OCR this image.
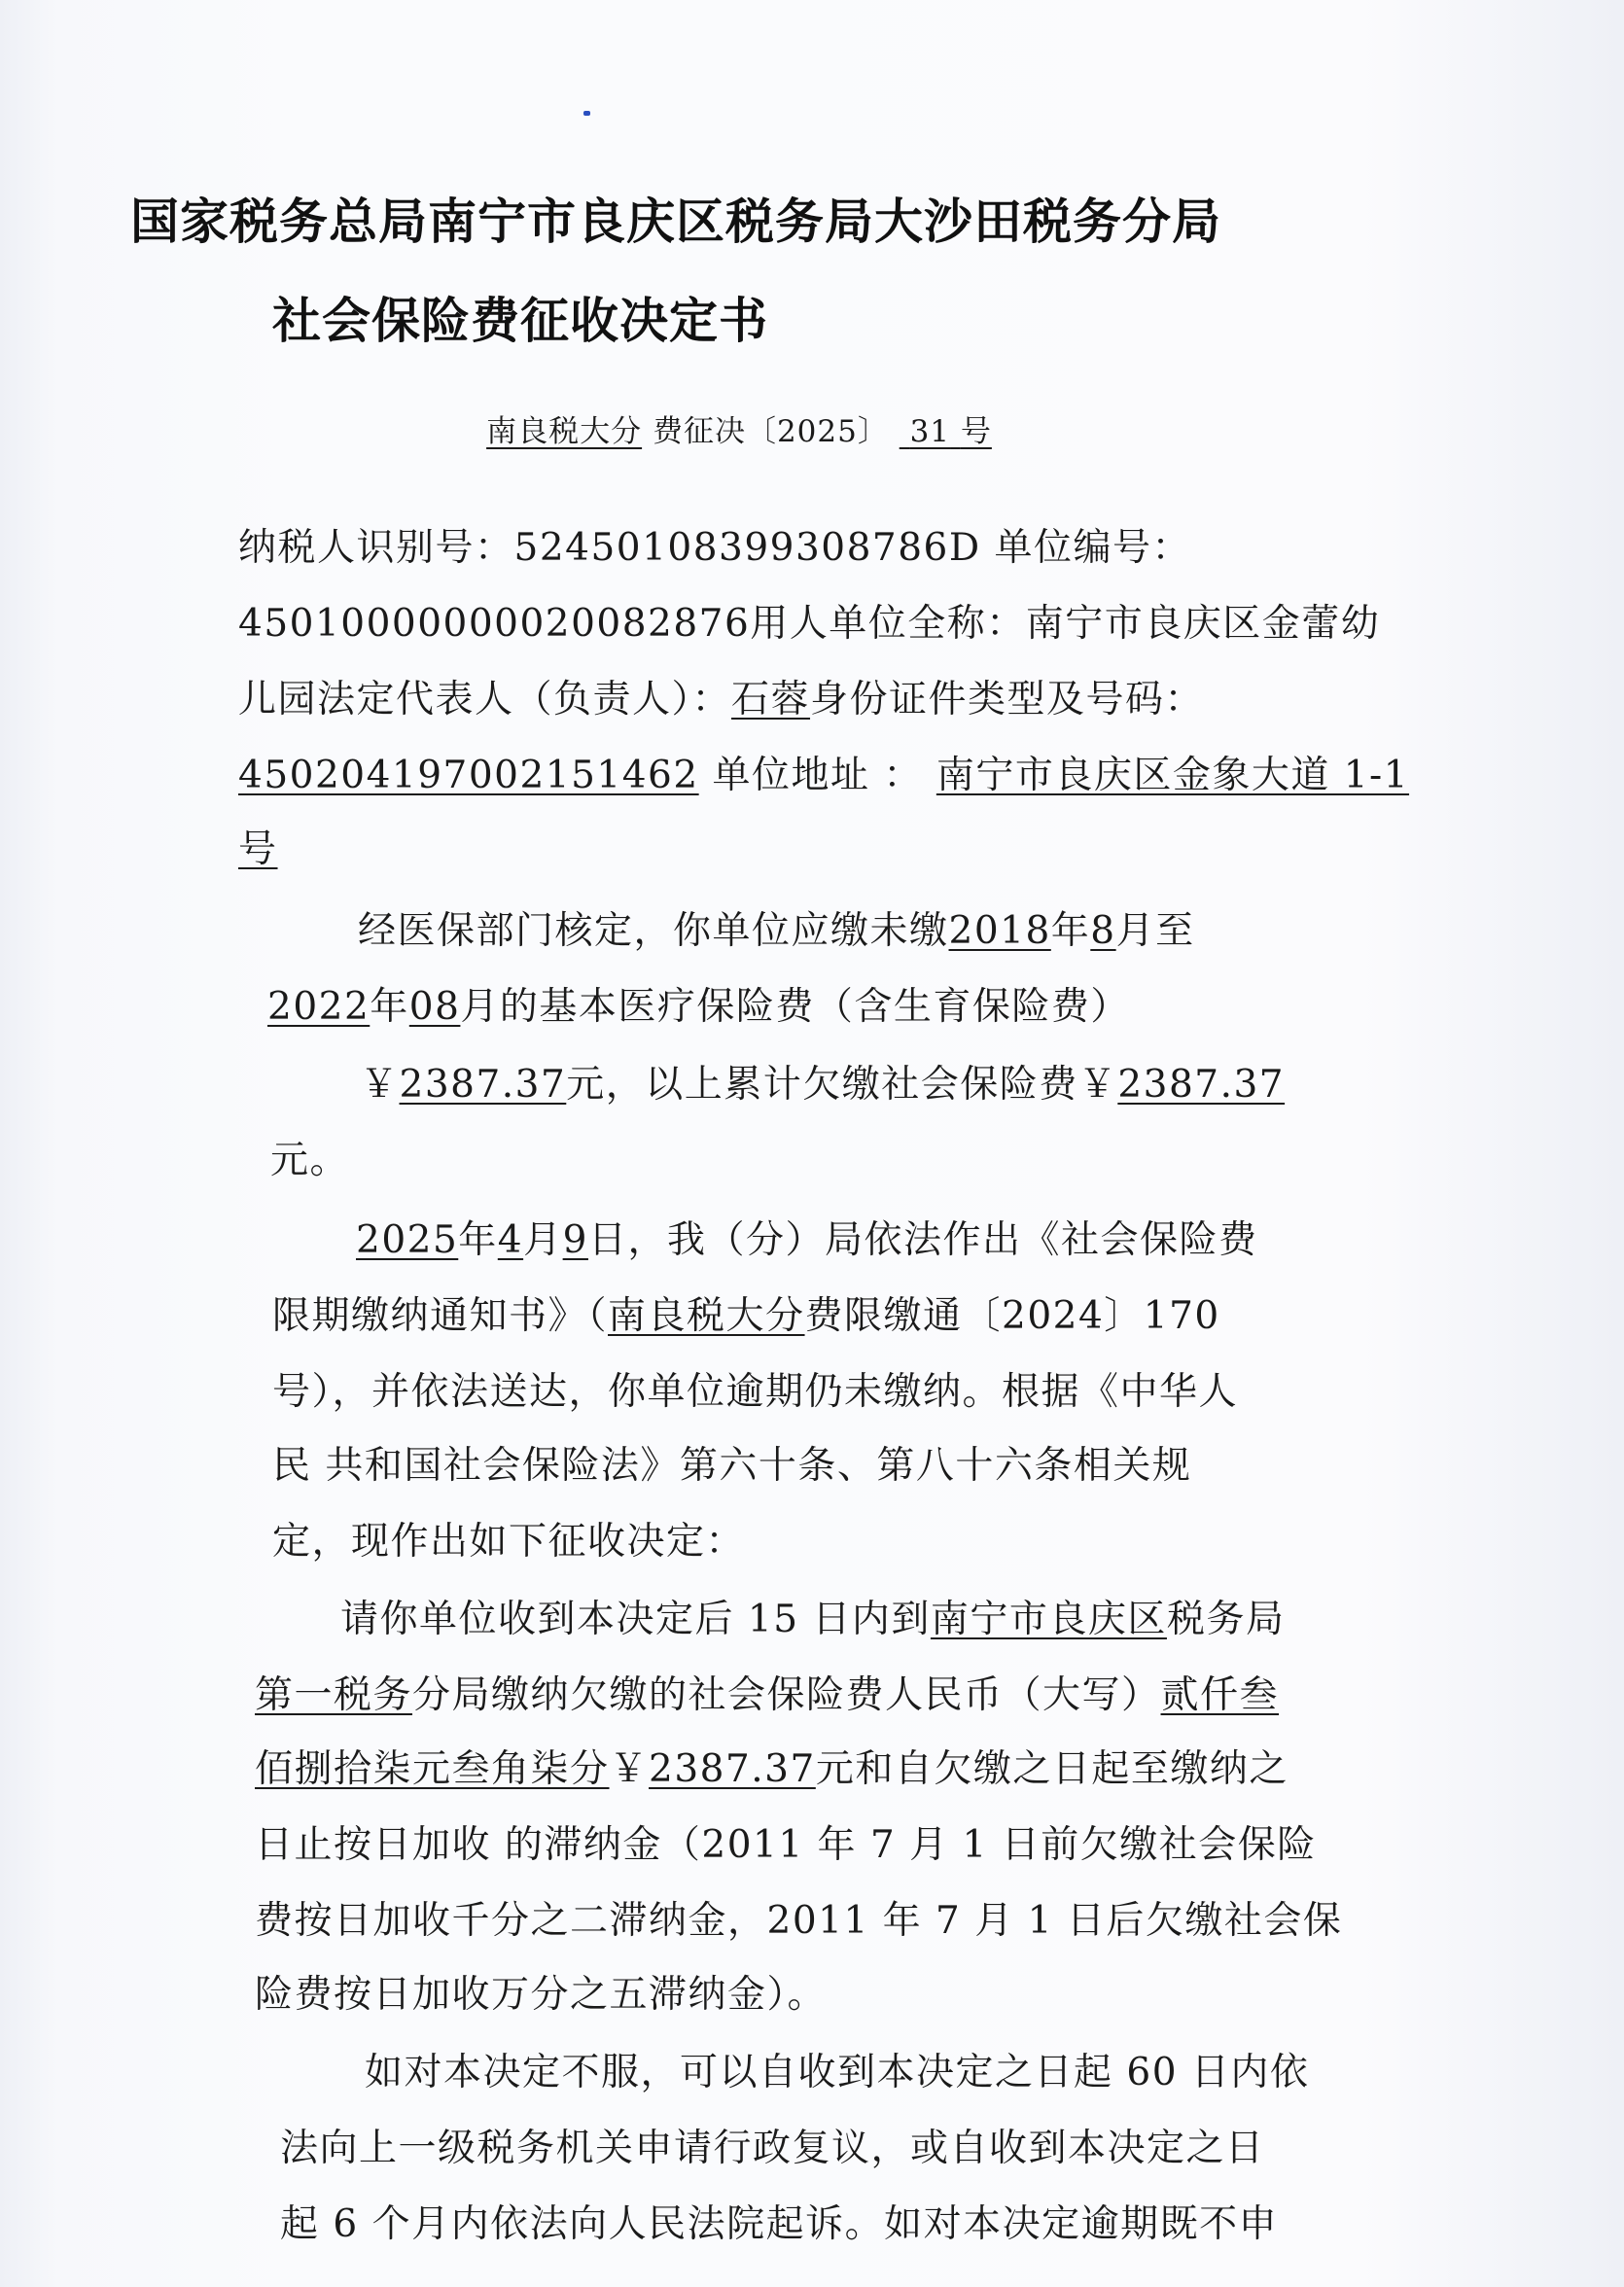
国家税务总局南宁市良庆区税务局大沙田税务分局
社会保险费征收决定书
南良税大分 费征决〔2025〕 31 号
纳税人识别号：52450108399308786D 单位编号：
45010000000020082876用人单位全称：南宁市良庆区金蕾幼
儿园法定代表人（负责人）：石蓉身份证件类型及号码：
450204197002151462 单位地址 ： 南宁市良庆区金象大道 1-1
号
经医保部门核定，你单位应缴未缴2018年8月至
2022年08月的基本医疗保险费（含生育保险费）
￥2387.37元，以上累计欠缴社会保险费￥2387.37
元。
2025年4月9日，我（分）局依法作出《社会保险费
限期缴纳通知书》（南良税大分费限缴通〔2024〕170
号），并依法送达，你单位逾期仍未缴纳。根据《中华人
民 共和国社会保险法》第六十条、第八十六条相关规
定，现作出如下征收决定：
请你单位收到本决定后 15 日内到南宁市良庆区税务局
第一税务分局缴纳欠缴的社会保险费人民币（大写）贰仟叁
佰捌拾柒元叁角柒分￥2387.37元和自欠缴之日起至缴纳之
日止按日加收 的滞纳金（2011 年 7 月 1 日前欠缴社会保险
费按日加收千分之二滞纳金，2011 年 7 月 1 日后欠缴社会保
险费按日加收万分之五滞纳金）。
如对本决定不服，可以自收到本决定之日起 60 日内依
法向上一级税务机关申请行政复议，或自收到本决定之日
起 6 个月内依法向人民法院起诉。如对本决定逾期既不申
